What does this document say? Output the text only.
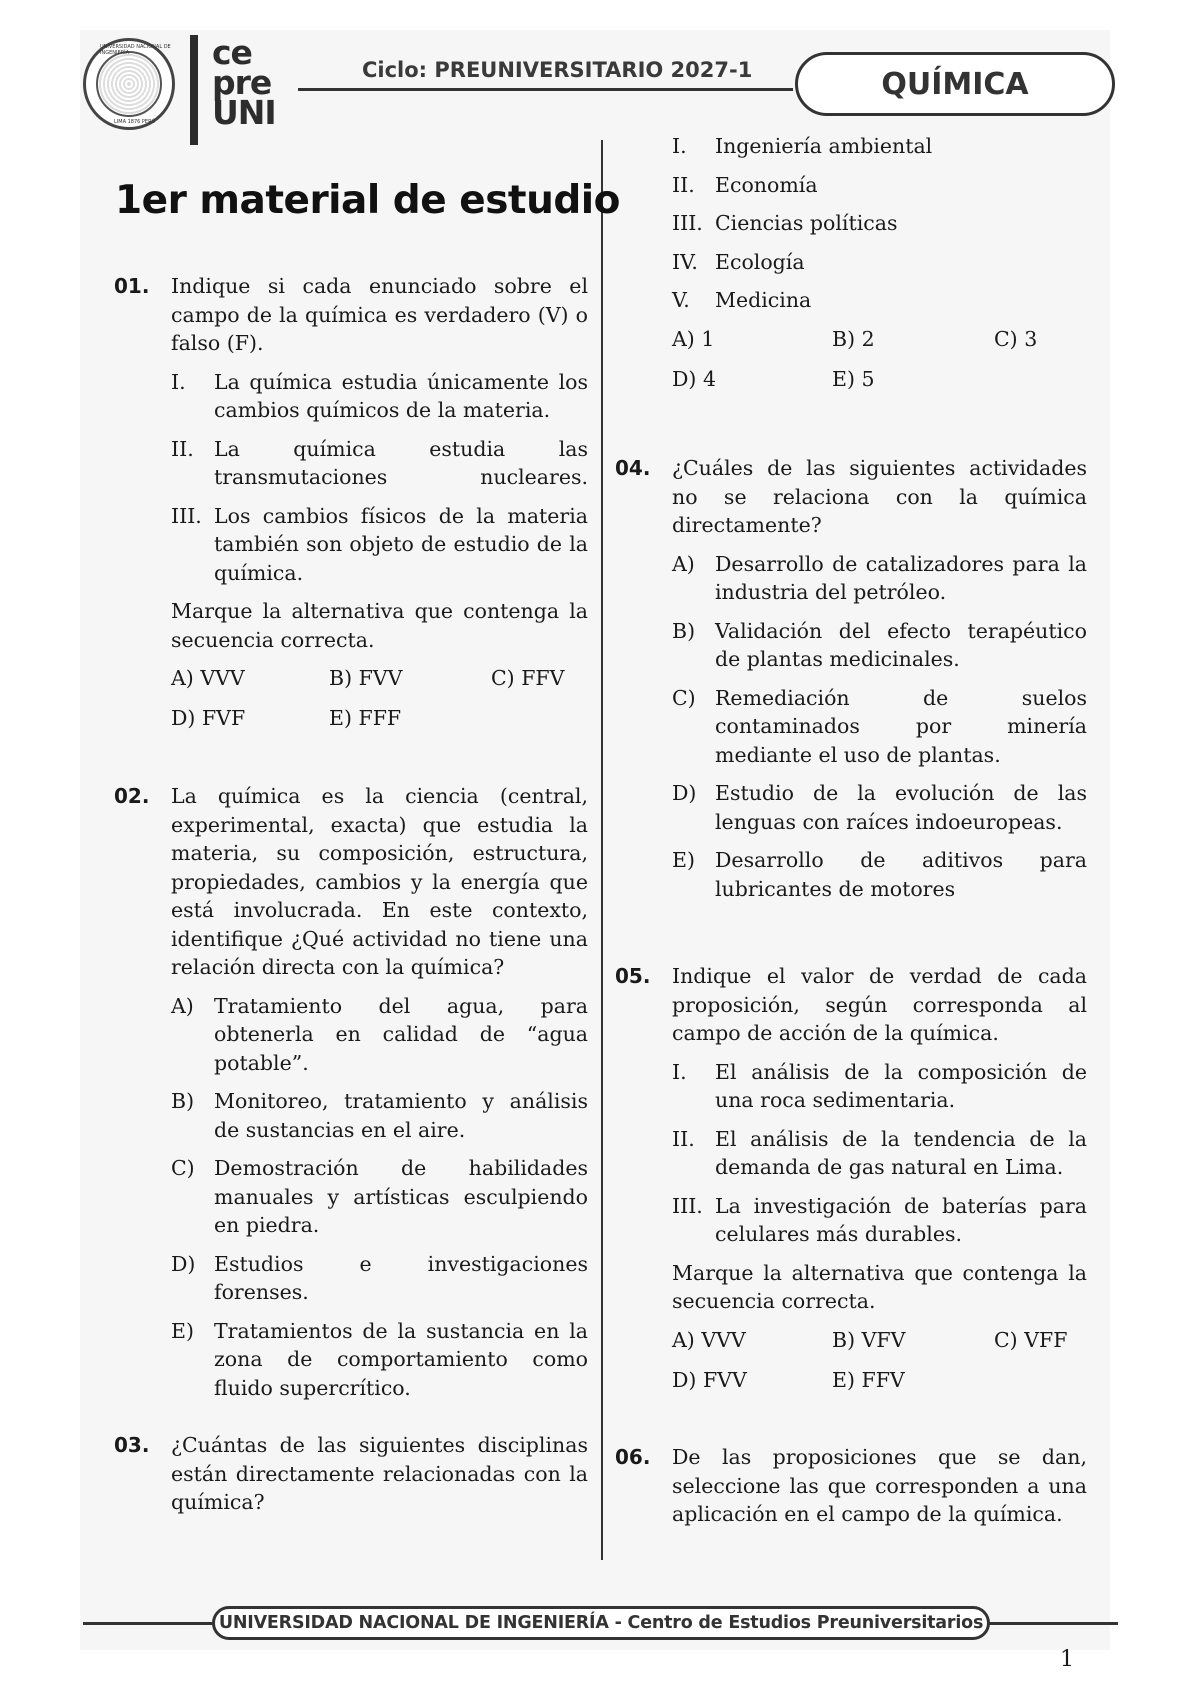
UNIVERSIDAD NACIONAL DE INGENIERÍA
LIMA 1876 PERÚ
ce
pre
UNI
Ciclo: PREUNIVERSITARIO 2027-1	QUÍMICA
1er material de estudio
01. Indique si cada enunciado sobre el campo de la química es verdadero (V) o falso (F).
I. La química estudia únicamente los cambios químicos de la materia.
II. La química estudia las transmutaciones nucleares.
III. Los cambios físicos de la materia también son objeto de estudio de la química.
Marque la alternativa que contenga la secuencia correcta.
A) VVV	B) FVV	C) FFV
D) FVF	E) FFF
02. La química es la ciencia (central, experimental, exacta) que estudia la materia, su composición, estructura, propiedades, cambios y la energía que está involucrada. En este contexto, identifique ¿Qué actividad no tiene una relación directa con la química?
A) Tratamiento del agua, para obtenerla en calidad de “agua potable”.
B) Monitoreo, tratamiento y análisis de sustancias en el aire.
C) Demostración de habilidades manuales y artísticas esculpiendo en piedra.
D) Estudios e investigaciones forenses.
E) Tratamientos de la sustancia en la zona de comportamiento como fluido supercrítico.
03. ¿Cuántas de las siguientes disciplinas están directamente relacionadas con la química?
I. Ingeniería ambiental
II. Economía
III. Ciencias políticas
IV. Ecología
V. Medicina
A) 1	B) 2	C) 3
D) 4	E) 5
04. ¿Cuáles de las siguientes actividades no se relaciona con la química directamente?
A) Desarrollo de catalizadores para la industria del petróleo.
B) Validación del efecto terapéutico de plantas medicinales.
C) Remediación de suelos contaminados por minería mediante el uso de plantas.
D) Estudio de la evolución de las lenguas con raíces indoeuropeas.
E) Desarrollo de aditivos para lubricantes de motores
05. Indique el valor de verdad de cada proposición, según corresponda al campo de acción de la química.
I. El análisis de la composición de una roca sedimentaria.
II. El análisis de la tendencia de la demanda de gas natural en Lima.
III. La investigación de baterías para celulares más durables.
Marque la alternativa que contenga la secuencia correcta.
A) VVV	B) VFV	C) VFF
D) FVV	E) FFV
06. De las proposiciones que se dan, seleccione las que corresponden a una aplicación en el campo de la química.
UNIVERSIDAD NACIONAL DE INGENIERÍA - Centro de Estudios Preuniversitarios
1
